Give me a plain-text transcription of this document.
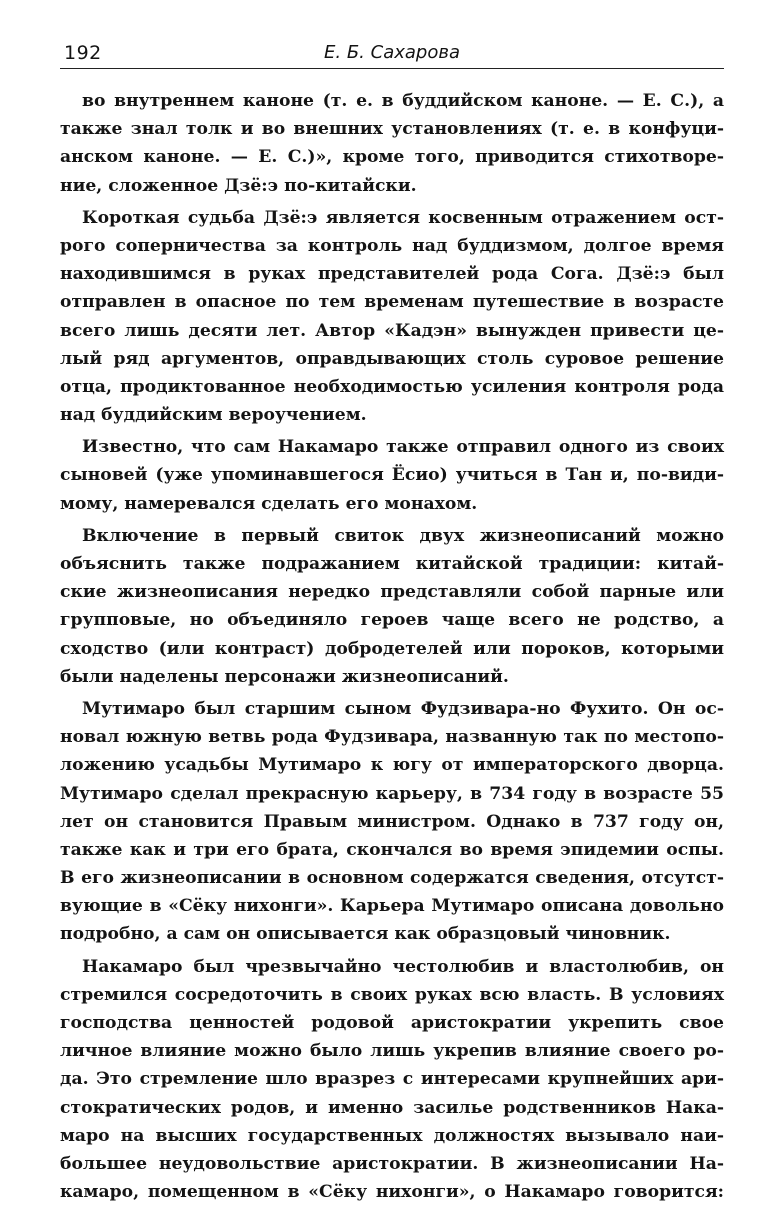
192	Е. Б. Сахарова
во внутреннем каноне (т. е. в буддийском каноне. — Е. С.), а
также знал толк и во внешних установлениях (т. е. в конфуци-
анском каноне. — Е. С.)», кроме того, приводится стихотворе-
ние, сложенное Дзё:э по-китайски.
Короткая судьба Дзё:э является косвенным отражением ост-
рого соперничества за контроль над буддизмом, долгое время
находившимся в руках представителей рода Сога. Дзё:э был
отправлен в опасное по тем временам путешествие в возрасте
всего лишь десяти лет. Автор «Кадэн» вынужден привести це-
лый ряд аргументов, оправдывающих столь суровое решение
отца, продиктованное необходимостью усиления контроля рода
над буддийским вероучением.
Известно, что сам Накамаро также отправил одного из своих
сыновей (уже упоминавшегося Ёсио) учиться в Тан и, по-види-
мому, намеревался сделать его монахом.
Включение в первый свиток двух жизнеописаний можно
объяснить также подражанием китайской традиции: китай-
ские жизнеописания нередко представляли собой парные или
групповые, но объединяло героев чаще всего не родство, а
сходство (или контраст) добродетелей или пороков, которыми
были наделены персонажи жизнеописаний.
Мутимаро был старшим сыном Фудзивара-но Фухито. Он ос-
новал южную ветвь рода Фудзивара, названную так по местопо-
ложению усадьбы Мутимаро к югу от императорского дворца.
Мутимаро сделал прекрасную карьеру, в 734 году в возрасте 55
лет он становится Правым министром. Однако в 737 году он,
также как и три его брата, скончался во время эпидемии оспы.
В его жизнеописании в основном содержатся сведения, отсутст-
вующие в «Сёку нихонги». Карьера Мутимаро описана довольно
подробно, а сам он описывается как образцовый чиновник.
Накамаро был чрезвычайно честолюбив и властолюбив, он
стремился сосредоточить в своих руках всю власть. В условиях
господства ценностей родовой аристократии укрепить свое
личное влияние можно было лишь укрепив влияние своего ро-
да. Это стремление шло вразрез с интересами крупнейших ари-
стократических родов, и именно засилье родственников Нака-
маро на высших государственных должностях вызывало наи-
большее неудовольствие аристократии. В жизнеописании На-
камаро, помещенном в «Сёку нихонги», о Накамаро говорится:
